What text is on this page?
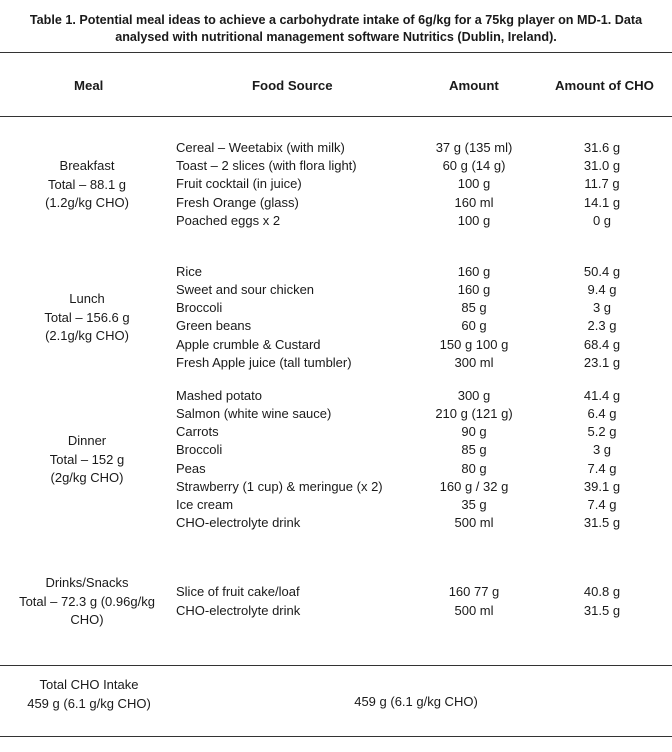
Table 1. Potential meal ideas to achieve a carbohydrate intake of 6g/kg for a 75kg player on MD-1. Data analysed with nutritional management software Nutritics (Dublin, Ireland).
Meal	Food Source	Amount	Amount of CHO
Breakfast
Total – 88.1 g
(1.2g/kg CHO)
Cereal – Weetabix (with milk)	37 g (135 ml)	31.6 g
Toast – 2 slices (with flora light)	60 g (14 g)	31.0 g
Fruit cocktail (in juice)	100 g	11.7 g
Fresh Orange (glass)	160 ml	14.1 g
Poached eggs x 2	100 g	0 g
Lunch
Total – 156.6 g
(2.1g/kg CHO)
Rice	160 g	50.4 g
Sweet and sour chicken	160 g	9.4 g
Broccoli	85 g	3 g
Green beans	60 g	2.3 g
Apple crumble & Custard	150 g 100 g	68.4 g
Fresh Apple juice (tall tumbler)	300 ml	23.1 g
Dinner
Total – 152 g
(2g/kg CHO)
Mashed potato	300 g	41.4 g
Salmon (white wine sauce)	210 g (121 g)	6.4 g
Carrots	90 g	5.2 g
Broccoli	85 g	3 g
Peas	80 g	7.4 g
Strawberry (1 cup) & meringue (x 2)	160 g / 32 g	39.1 g
Ice cream	35 g	7.4 g
CHO-electrolyte drink	500 ml	31.5 g
Drinks/Snacks
Total – 72.3 g (0.96g/kg
CHO)
Slice of fruit cake/loaf	160 77 g	40.8 g
CHO-electrolyte drink	500 ml	31.5 g
Total CHO Intake
459 g (6.1 g/kg CHO)	459 g (6.1 g/kg CHO)
